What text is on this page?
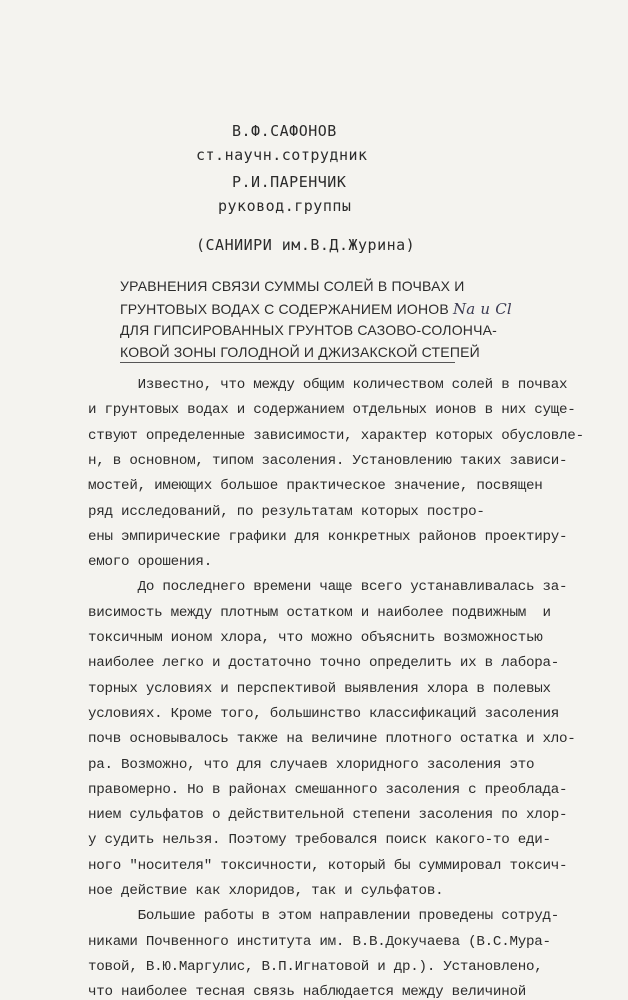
В.Ф.САФОНОВ
ст.научн.сотрудник
Р.И.ПАРЕНЧИК
руковод.группы
(САНИИРИ им.В.Д.Журина)
УРАВНЕНИЯ СВЯЗИ СУММЫ СОЛЕЙ В ПОЧВАХ И
ГРУНТОВЫХ ВОДАХ С СОДЕРЖАНИЕМ ИОНОВ Na и Cl
ДЛЯ ГИПСИРОВАННЫХ ГРУНТОВ САЗОВО-СОЛОНЧА-
КОВОЙ ЗОНЫ ГОЛОДНОЙ И ДЖИЗАКСКОЙ СТЕПЕЙ
Известно, что между общим количеством солей в почвах
и грунтовых водах и содержанием отдельных ионов в них суще-
ствуют определенные зависимости, характер которых обусловле-
н, в основном, типом засоления. Установлению таких зависи-
мостей, имеющих большое практическое значение, посвящен
ряд исследований, по результатам которых постро-
ены эмпирические графики для конкретных районов проектиру-
емого орошения.
До последнего времени чаще всего устанавливалась за-
висимость между плотным остатком и наиболее подвижным  и
токсичным ионом хлора, что можно объяснить возможностью
наиболее легко и достаточно точно определить их в лабора-
торных условиях и перспективой выявления хлора в полевых
условиях. Кроме того, большинство классификаций засоления
почв основывалось также на величине плотного остатка и хло-
ра. Возможно, что для случаев хлоридного засоления это
правомерно. Но в районах смешанного засоления с преоблада-
нием сульфатов о действительной степени засоления по хлор-
у судить нельзя. Поэтому требовался поиск какого-то еди-
ного "носителя" токсичности, который бы суммировал токсич-
ное действие как хлоридов, так и сульфатов.
Большие работы в этом направлении проведены сотруд-
никами Почвенного института им. В.В.Докучаева (В.С.Мура-
товой, В.Ю.Маргулис, В.П.Игнатовой и др.). Установлено,
что наиболее тесная связь наблюдается между величиной
